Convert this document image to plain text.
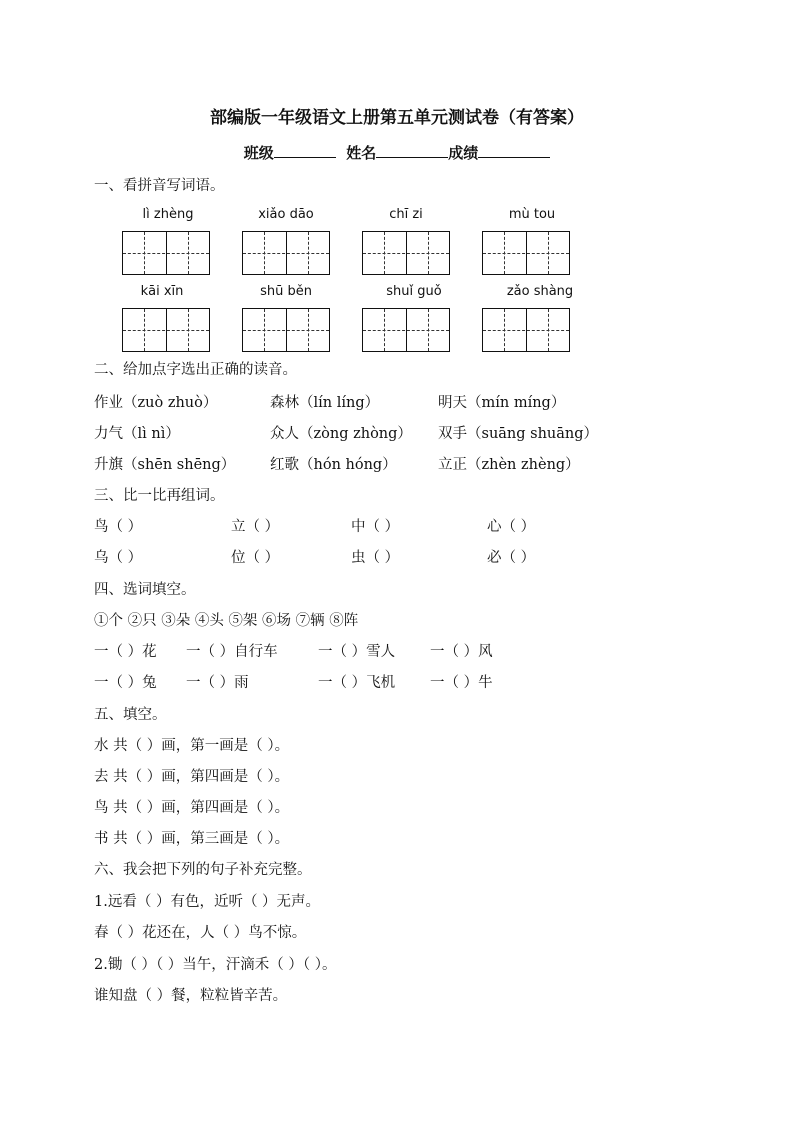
部编版一年级语文上册第五单元测试卷（有答案）
班级	姓名	成绩
一、看拼音写词语。
lì zhèng	xiǎo dāo	chī zi	mù tou
kāi xīn	shū běn	shuǐ guǒ	zǎo shàng
二、给加点字选出正确的读音。
作业（zuò zhuò）	森林（lín líng）	明天（mín míng）
力气（lì nì）	众人（zòng zhòng） 双手（suāng shuāng）
升旗（shēn shēng） 红歌（hón hóng）	立正（zhèn zhèng）
三、比一比再组词。
鸟（ ）	立（ ）	中（ ）	心（ ）
乌（ ）	位（ ）	虫（ ）	必（ ）
四、选词填空。
①个 ②只 ③朵 ④头 ⑤架 ⑥场 ⑦辆 ⑧阵
一（ ）花 一（ ）自行车	一（ ）雪人 一（ ）风
一（ ）兔 一（ ）雨	一（ ）飞机 一（ ）牛
五、填空。
水 共（ ）画，第一画是（ ）。
去 共（ ）画，第四画是（ ）。
鸟 共（ ）画，第四画是（ ）。
书 共（ ）画，第三画是（ ）。
六、我会把下列的句子补充完整。
1.远看（ ）有色，近听（ ）无声。
春（ ）花还在，人（ ）鸟不惊。
2.锄（ ）（ ）当午，汗滴禾（ ）（ ）。
谁知盘（ ）餐，粒粒皆辛苦。
